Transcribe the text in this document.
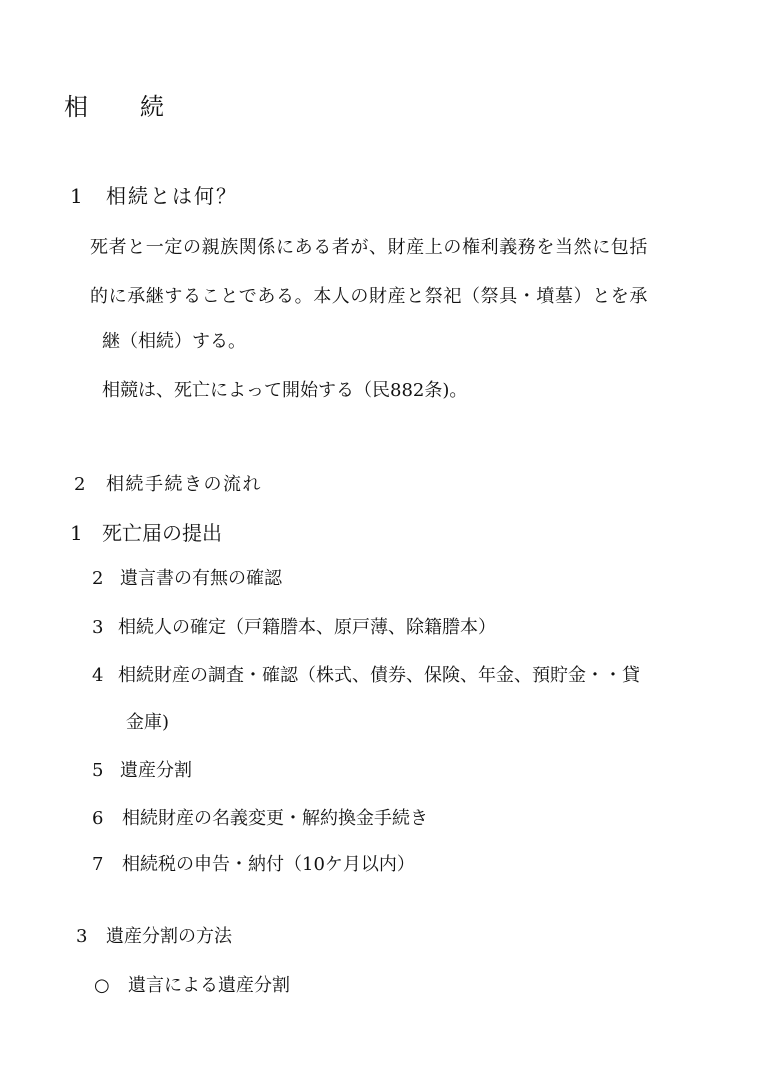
相　続
1 相続とは何？
死者と一定の親族関係にある者が、財産上の権利義務を当然に包括
的に承継することである。本人の財産と祭祀（祭具・墳墓）とを承
継（相続）する。
相競は、死亡によって開始する（民882条)。
2 相続手続きの流れ
1 死亡届の提出
2 遺言書の有無の確認
3 相続人の確定（戸籍謄本、原戸薄、除籍謄本）
4 相続財産の調査・確認（株式、債券、保険、年金、預貯金・・貸
金庫)
5 遺産分割
6 相続財産の名義変更・解約換金手続き
7 相続税の申告・納付（10ケ月以内）
3 遺産分割の方法
○ 遺言による遺産分割
